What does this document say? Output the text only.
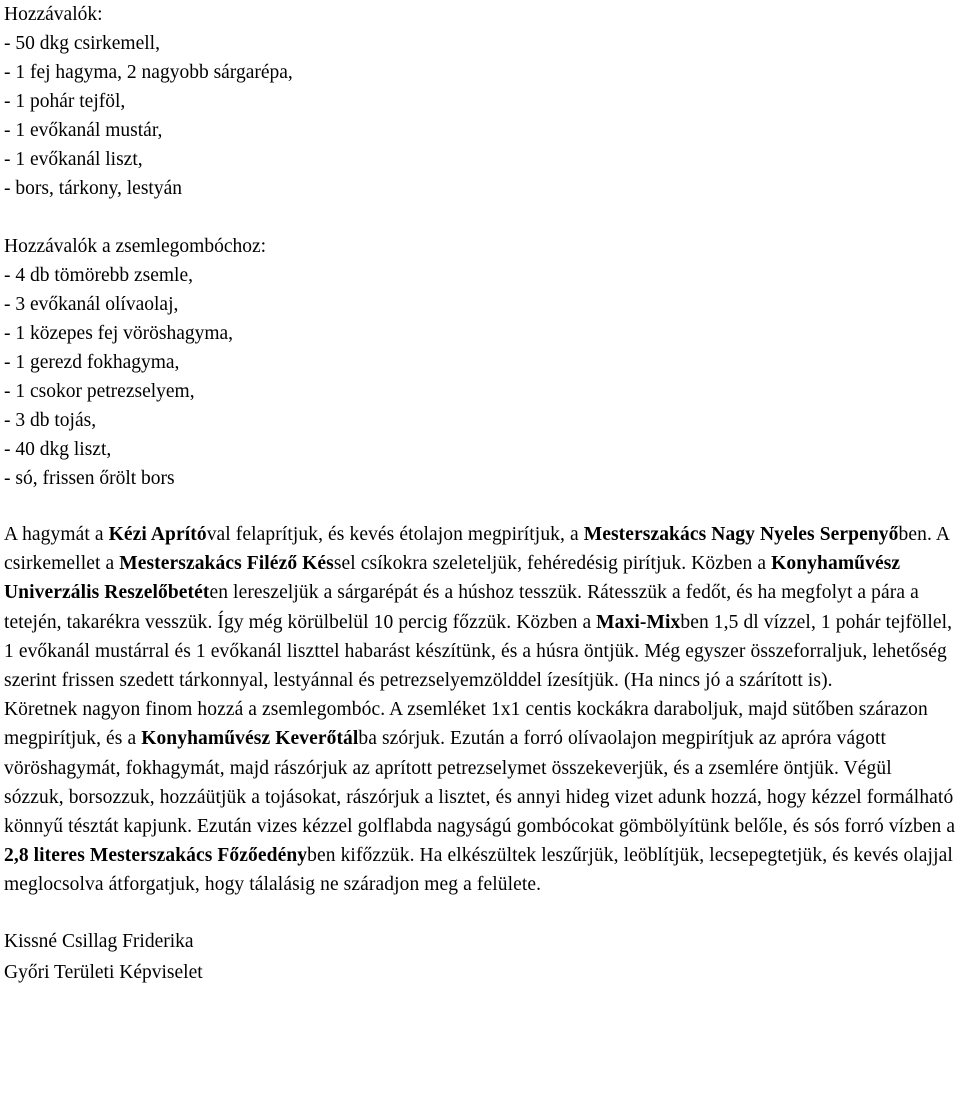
Hozzávalók:
- 50 dkg csirkemell,
- 1 fej hagyma, 2 nagyobb sárgarépa,
- 1 pohár tejföl,
- 1 evőkanál mustár,
- 1 evőkanál liszt,
- bors, tárkony, lestyán
Hozzávalók a zsemlegombóchoz:
- 4 db tömörebb zsemle,
- 3 evőkanál olívaolaj,
- 1 közepes fej vöröshagyma,
- 1 gerezd fokhagyma,
- 1 csokor petrezselyem,
- 3 db tojás,
- 40 dkg liszt,
- só, frissen őrölt bors

A hagymát a Kézi Aprítóval felaprítjuk, és kevés étolajon megpirítjuk, a Mesterszakács Nagy Nyeles Serpenyőben. A csirkemellet a Mesterszakács Filéző Késsel csíkokra szeleteljük, fehéredésig pirítjuk. Közben a Konyhaművész Univerzális Reszelőbetéten lereszeljük a sárgarépát és a húshoz tesszük. Rátesszük a fedőt, és ha megfolyt a pára a tetején, takarékra vesszük. Így még körülbelül 10 percig főzzük. Közben a Maxi-Mixben 1,5 dl vízzel, 1 pohár tejföllel, 1 evőkanál mustárral és 1 evőkanál liszttel habarást készítünk, és a húsra öntjük. Még egyszer összeforraljuk, lehetőség szerint frissen szedett tárkonnyal, lestyánnal és petrezselyemzölddel ízesítjük. (Ha nincs jó a szárított is).

Köretnek nagyon finom hozzá a zsemlegombóc. A zsemléket 1x1 centis kockákra daraboljuk, majd sütőben szárazon megpirítjuk, és a Konyhaművész Keverőtálba szórjuk. Ezután a forró olívaolajon megpirítjuk az apróra vágott vöröshagymát, fokhagymát, majd rászórjuk az aprított petrezselymet összekeverjük, és a zsemlére öntjük. Végül sózzuk, borsozzuk, hozzáütjük a tojásokat, rászórjuk a lisztet, és annyi hideg vizet adunk hozzá, hogy kézzel formálható könnyű tésztát kapjunk. Ezután vizes kézzel golflabda nagyságú gombócokat gömbölyítünk belőle, és sós forró vízben a 2,8 literes Mesterszakács Főzőedényben kifőzzük. Ha elkészültek leszűrjük, leöblítjük, lecsepegtetjük, és kevés olajjal meglocsolva átforgatjuk, hogy tálalásig ne száradjon meg a felülete.

Kissné Csillag Friderika
Győri Területi Képviselet
